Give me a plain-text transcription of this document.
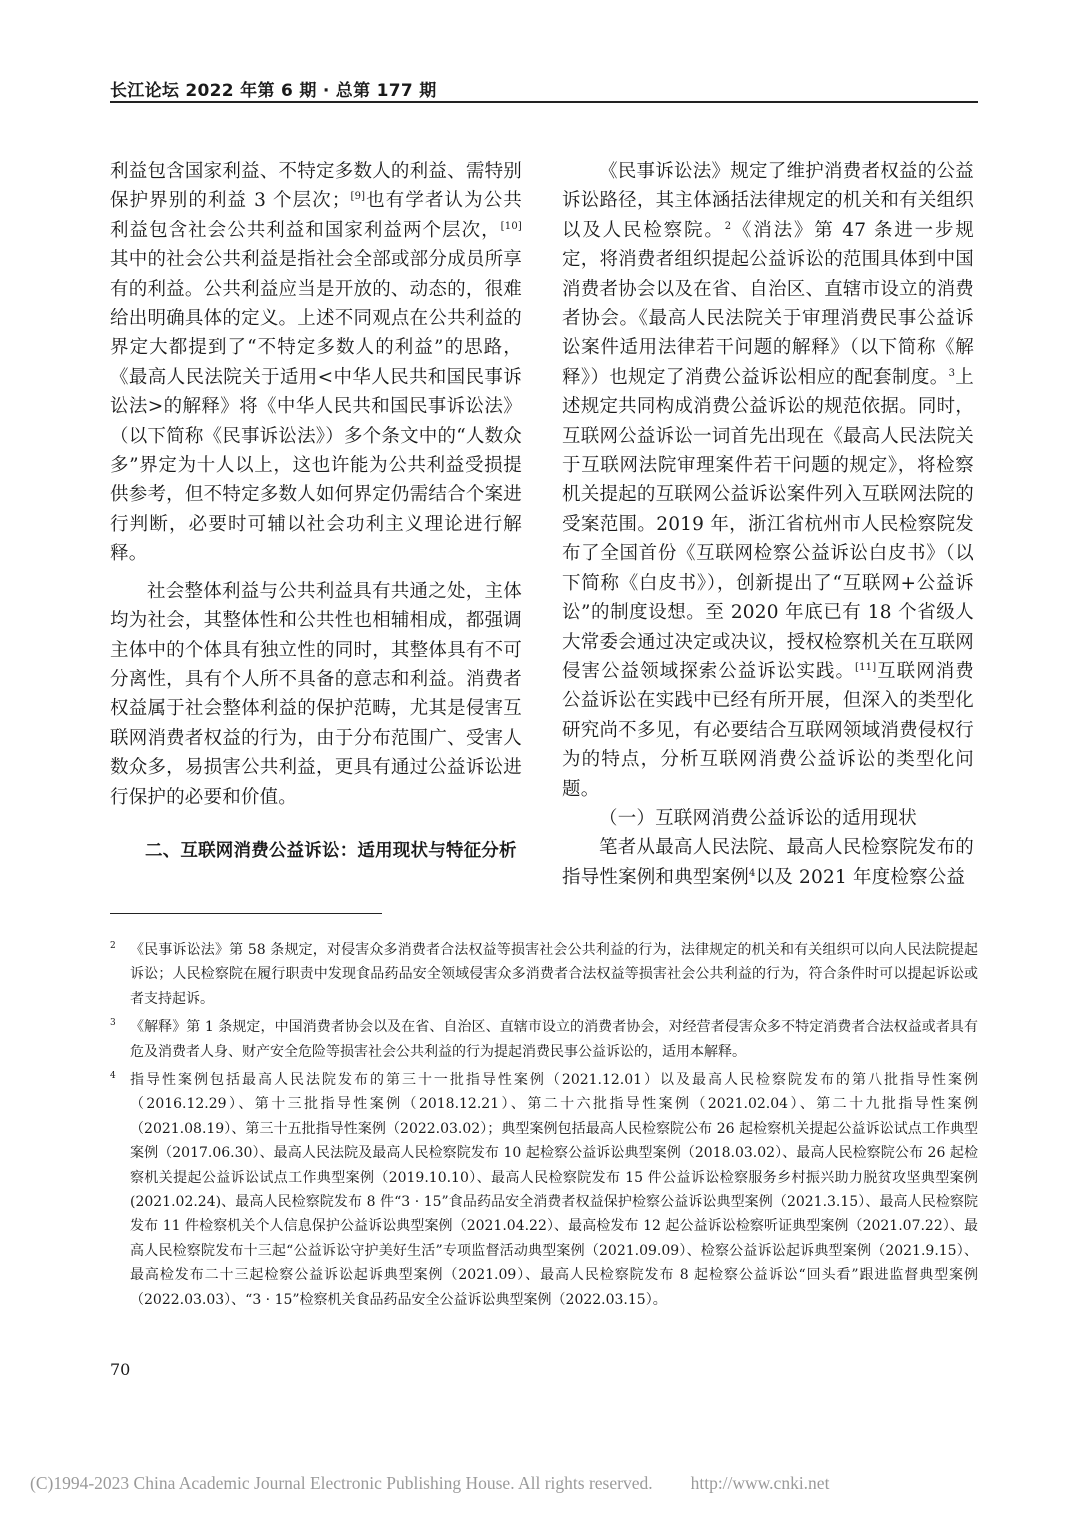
长江论坛 2022 年第 6 期 · 总第 177 期

利益包含国家利益、不特定多数人的利益、需特别保护界别的利益 3 个层次；[9]也有学者认为公共利益包含社会公共利益和国家利益两个层次，[10]其中的社会公共利益是指社会全部或部分成员所享有的利益。公共利益应当是开放的、动态的，很难给出明确具体的定义。上述不同观点在公共利益的界定大都提到了“不特定多数人的利益”的思路，《最高人民法院关于适用<中华人民共和国民事诉讼法>的解释》将《中华人民共和国民事诉讼法》（以下简称《民事诉讼法》）多个条文中的“人数众多”界定为十人以上，这也许能为公共利益受损提供参考，但不特定多数人如何界定仍需结合个案进行判断，必要时可辅以社会功利主义理论进行解释。

社会整体利益与公共利益具有共通之处，主体均为社会，其整体性和公共性也相辅相成，都强调主体中的个体具有独立性的同时，其整体具有不可分离性，具有个人所不具备的意志和利益。消费者权益属于社会整体利益的保护范畴，尤其是侵害互联网消费者权益的行为，由于分布范围广、受害人数众多，易损害公共利益，更具有通过公益诉讼进行保护的必要和价值。

二、互联网消费公益诉讼：适用现状与特征分析

《民事诉讼法》规定了维护消费者权益的公益诉讼路径，其主体涵括法律规定的机关和有关组织以及人民检察院。$^2$《消法》第 47 条进一步规定，将消费者组织提起公益诉讼的范围具体到中国消费者协会以及在省、自治区、直辖市设立的消费者协会。《最高人民法院关于审理消费民事公益诉讼案件适用法律若干问题的解释》（以下简称《解释》）也规定了消费公益诉讼相应的配套制度。$^3$上述规定共同构成消费公益诉讼的规范依据。同时，互联网公益诉讼一词首先出现在《最高人民法院关于互联网法院审理案件若干问题的规定》，将检察机关提起的互联网公益诉讼案件列入互联网法院的受案范围。2019 年，浙江省杭州市人民检察院发布了全国首份《互联网检察公益诉讼白皮书》（以下简称《白皮书》），创新提出了“互联网+公益诉讼”的制度设想。至 2020 年底已有 18 个省级人大常委会通过决定或决议，授权检察机关在互联网侵害公益领域探索公益诉讼实践。[11]互联网消费公益诉讼在实践中已经有所开展，但深入的类型化研究尚不多见，有必要结合互联网领域消费侵权行为的特点，分析互联网消费公益诉讼的类型化问题。

（一）互联网消费公益诉讼的适用现状

笔者从最高人民法院、最高人民检察院发布的指导性案例和典型案例$^4$以及 2021 年度检察公益

2	《民事诉讼法》第 58 条规定，对侵害众多消费者合法权益等损害社会公共利益的行为，法律规定的机关和有关组织可以向人民法院提起诉讼；人民检察院在履行职责中发现食品药品安全领域侵害众多消费者合法权益等损害社会公共利益的行为，符合条件时可以提起诉讼或者支持起诉。
3	《解释》第 1 条规定，中国消费者协会以及在省、自治区、直辖市设立的消费者协会，对经营者侵害众多不特定消费者合法权益或者具有危及消费者人身、财产安全危险等损害社会公共利益的行为提起消费民事公益诉讼的，适用本解释。
4	指导性案例包括最高人民法院发布的第三十一批指导性案例（2021.12.01）以及最高人民检察院发布的第八批指导性案例（2016.12.29）、第十三批指导性案例（2018.12.21）、第二十六批指导性案例（2021.02.04）、第二十九批指导性案例（2021.08.19）、第三十五批指导性案例（2022.03.02）；典型案例包括最高人民检察院公布 26 起检察机关提起公益诉讼试点工作典型案例（2017.06.30）、最高人民法院及最高人民检察院发布 10 起检察公益诉讼典型案例（2018.03.02）、最高人民检察院公布 26 起检察机关提起公益诉讼试点工作典型案例（2019.10.10）、最高人民检察院发布 15 件公益诉讼检察服务乡村振兴助力脱贫攻坚典型案例(2021.02.24)、最高人民检察院发布 8 件“3 · 15”食品药品安全消费者权益保护检察公益诉讼典型案例（2021.3.15）、最高人民检察院发布 11 件检察机关个人信息保护公益诉讼典型案例（2021.04.22）、最高检发布 12 起公益诉讼检察听证典型案例（2021.07.22）、最高人民检察院发布十三起“公益诉讼守护美好生活”专项监督活动典型案例（2021.09.09）、检察公益诉讼起诉典型案例（2021.9.15）、最高检发布二十三起检察公益诉讼起诉典型案例（2021.09）、最高人民检察院发布 8 起检察公益诉讼“回头看”跟进监督典型案例（2022.03.03）、“3 · 15”检察机关食品药品安全公益诉讼典型案例（2022.03.15）。
70
(C)1994-2023 China Academic Journal Electronic Publishing House. All rights reserved. http://www.cnki.net
